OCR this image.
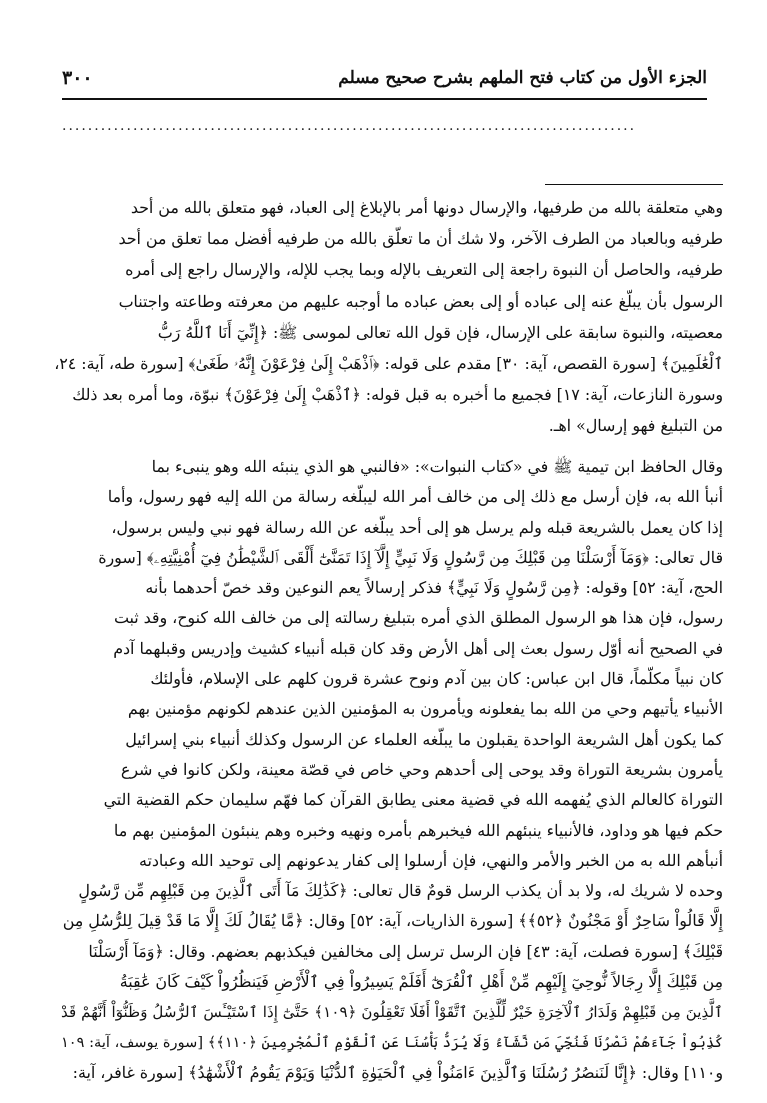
الجزء الأول من كتاب فتح الملهم بشرح صحيح مسلم
٣٠٠
.........................................................................................
وهي متعلقة بالله من طرفيها، والإرسال دونها أمر بالإبلاغ إلى العباد، فهو متعلق بالله من أحد
طرفيه وبالعباد من الطرف الآخر، ولا شك أن ما تعلّق بالله من طرفيه أفضل مما تعلق من أحد
طرفيه، والحاصل أن النبوة راجعة إلى التعريف بالإله وبما يجب للإله، والإرسال راجع إلى أمره
الرسول بأن يبلّغ عنه إلى عباده أو إلى بعض عباده ما أوجبه عليهم من معرفته وطاعته واجتناب
معصيته، والنبوة سابقة على الإرسال، فإن قول الله تعالى لموسى ﷺ: ﴿إِنِّيٓ أَنَا ٱللَّهُ رَبُّ
ٱلْعَٰلَمِينَ﴾ [سورة القصص، آية: ٣٠] مقدم على قوله: ﴿ٱذْهَبْ إِلَىٰ فِرْعَوْنَ إِنَّهُۥ طَغَىٰ﴾ [سورة طه، آية: ٢٤،
وسورة النازعات، آية: ١٧] فجميع ما أخبره به قبل قوله: ﴿ٱذْهَبْ إِلَىٰ فِرْعَوْنَ﴾ نبوّة، وما أمره بعد ذلك
من التبليغ فهو إرسال» اهـ.
وقال الحافظ ابن تيمية ﷺ في «كتاب النبوات»: «فالنبي هو الذي ينبئه الله وهو ينبىء بما
أنبأ الله به، فإن أرسل مع ذلك إلى من خالف أمر الله ليبلّغه رسالة من الله إليه فهو رسول، وأما
إذا كان يعمل بالشريعة قبله ولم يرسل هو إلى أحد يبلّغه عن الله رسالة فهو نبي وليس برسول،
قال تعالى: ﴿وَمَآ أَرْسَلْنَا مِن قَبْلِكَ مِن رَّسُولٍ وَلَا نَبِيٍّ إِلَّآ إِذَا تَمَنَّىٰٓ أَلْقَى ٱلشَّيْطَٰنُ فِيٓ أُمْنِيَّتِهِۦ﴾ [سورة
الحج، آية: ٥٢] وقوله: ﴿مِن رَّسُولٍ وَلَا نَبِيٍّ﴾ فذكر إرسالاً يعم النوعين وقد خصّ أحدهما بأنه
رسول، فإن هذا هو الرسول المطلق الذي أمره بتبليغ رسالته إلى من خالف الله كنوح، وقد ثبت
في الصحيح أنه أوّل رسول بعث إلى أهل الأرض وقد كان قبله أنبياء كشيث وإدريس وقبلهما آدم
كان نبياً مكلّماً، قال ابن عباس: كان بين آدم ونوح عشرة قرون كلهم على الإسلام، فأولئك
الأنبياء يأتيهم وحي من الله بما يفعلونه ويأمرون به المؤمنين الذين عندهم لكونهم مؤمنين بهم
كما يكون أهل الشريعة الواحدة يقبلون ما يبلّغه العلماء عن الرسول وكذلك أنبياء بني إسرائيل
يأمرون بشريعة التوراة وقد يوحى إلى أحدهم وحي خاص في قصّة معينة، ولكن كانوا في شرع
التوراة كالعالم الذي يُفهمه الله في قضية معنى يطابق القرآن كما فهّم سليمان حكم القضية التي
حكم فيها هو وداود، فالأنبياء ينبئهم الله فيخبرهم بأمره ونهيه وخبره وهم ينبئون المؤمنين بهم ما
أنبأهم الله به من الخبر والأمر والنهي، فإن أرسلوا إلى كفار يدعونهم إلى توحيد الله وعبادته
وحده لا شريك له، ولا بد أن يكذب الرسل قومٌ قال تعالى: ﴿كَذَٰلِكَ مَآ أَتَى ٱلَّذِينَ مِن قَبْلِهِم مِّن رَّسُولٍ
إِلَّا قَالُواْ سَاحِرٌ أَوْ مَجْنُونٌ ﴿٥٢﴾﴾ [سورة الذاريات، آية: ٥٢] وقال: ﴿مَّا يُقَالُ لَكَ إِلَّا مَا قَدْ قِيلَ لِلرُّسُلِ مِن
قَبْلِكَ﴾ [سورة فصلت، آية: ٤٣] فإن الرسل ترسل إلى مخالفين فيكذبهم بعضهم. وقال: ﴿وَمَآ أَرْسَلْنَا
مِن قَبْلِكَ إِلَّا رِجَالاً نُّوحِيٓ إِلَيْهِم مِّنْ أَهْلِ ٱلْقُرَىٰٓ أَفَلَمْ يَسِيرُواْ فِي ٱلْأَرْضِ فَيَنظُرُواْ كَيْفَ كَانَ عَٰقِبَةُ
ٱلَّذِينَ مِن قَبْلِهِمْ وَلَدَارُ ٱلْآخِرَةِ خَيْرٌ لِّلَّذِينَ ٱتَّقَوْاْ أَفَلَا تَعْقِلُونَ ﴿١٠٩﴾ حَتَّىٰٓ إِذَا ٱسْتَيْـَٔسَ ٱلرُّسُلُ وَظَنُّوٓاْ أَنَّهُمْ قَدْ
كُذِبُواْ جَآءَهُمْ نَصْرُنَا فَنُجِّيَ مَن نَّشَآءُ وَلَا يُرَدُّ بَأْسُنَا عَنِ ٱلْقَوْمِ ٱلْمُجْرِمِينَ ﴿١١٠﴾﴾ [سورة يوسف، آية: ١٠٩
و١١٠] وقال: ﴿إِنَّا لَنَنصُرُ رُسُلَنَا وَٱلَّذِينَ ءَامَنُواْ فِي ٱلْحَيَوٰةِ ٱلدُّنْيَا وَيَوْمَ يَقُومُ ٱلْأَشْهَٰدُ﴾ [سورة غافر، آية:
